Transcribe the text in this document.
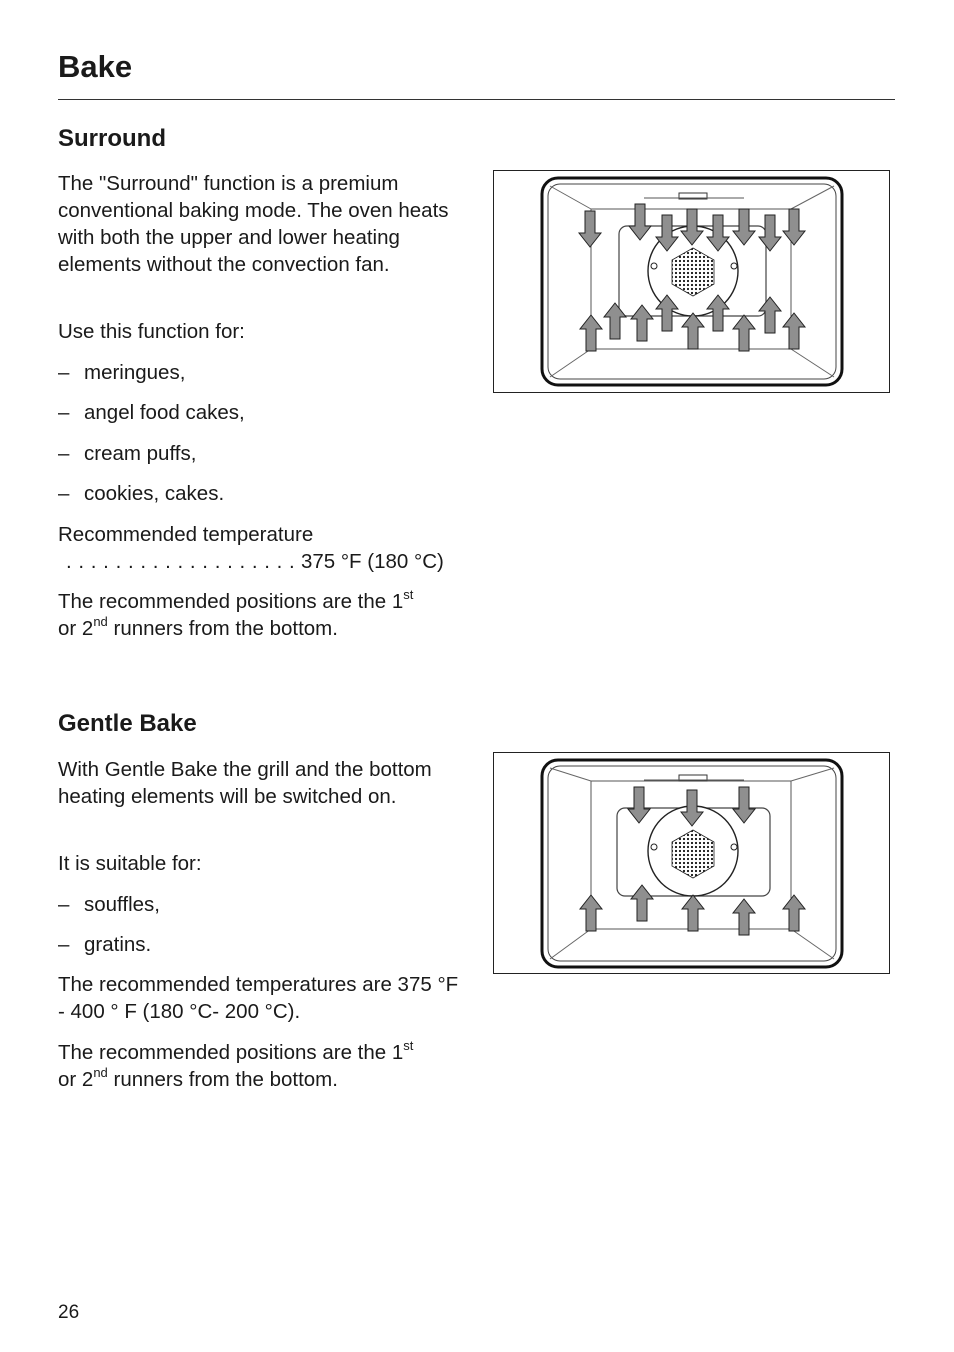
Bake
Surround

The "Surround" function is a premium conventional baking mode. The oven heats with both the upper and lower heating elements without the convection fan.

Use this function for:

– meringues,

– angel food cakes,

– cream puffs,

– cookies, cakes.

Recommended temperature
. . . . . . . . . . . . . . . . . . . 375 °F (180 °C)

The recommended positions are the 1st
or 2nd runners from the bottom.

Gentle Bake

With Gentle Bake the grill and the bottom heating elements will be switched on.

It is suitable for:

– souffles,

– gratins.

The recommended temperatures are 375 °F - 400 ° F (180 °C- 200 °C).

The recommended positions are the 1st
or 2nd runners from the bottom.

26
